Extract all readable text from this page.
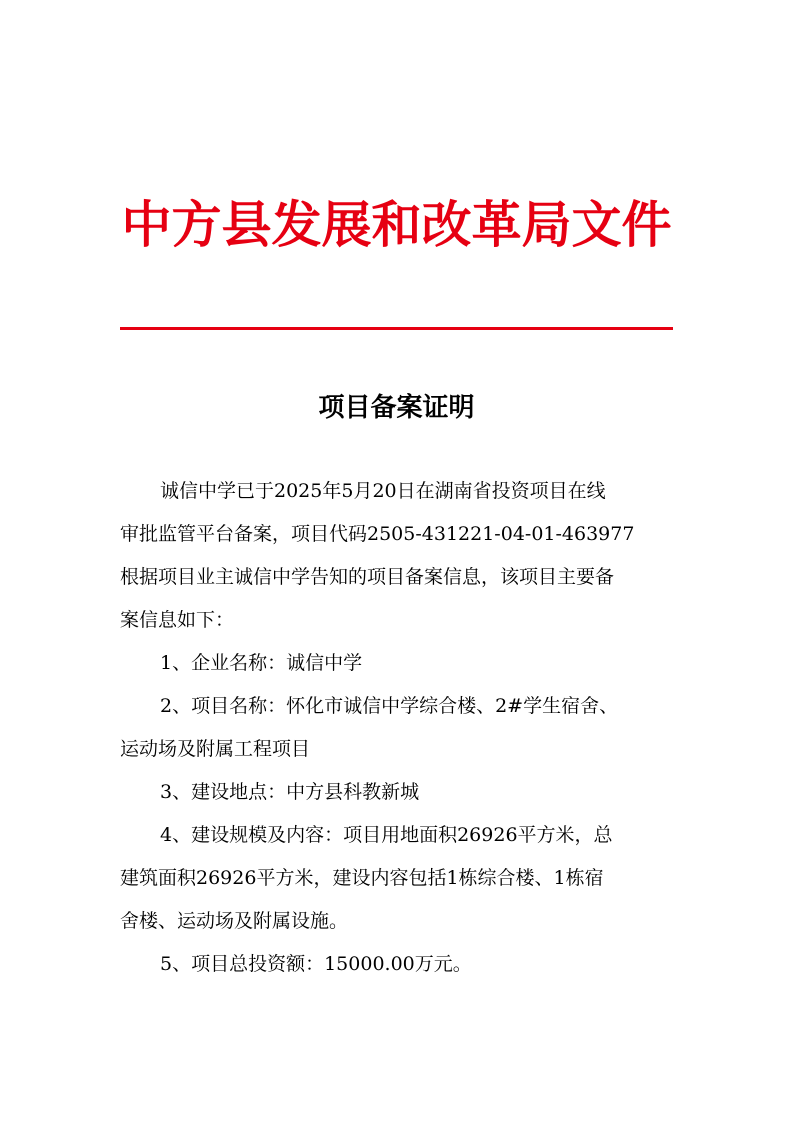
中方县发展和改革局文件
项目备案证明
诚信中学已于2025年5月20日在湖南省投资项目在线
审批监管平台备案，项目代码2505-431221-04-01-463977
根据项目业主诚信中学告知的项目备案信息，该项目主要备
案信息如下：
1、企业名称：诚信中学
2、项目名称：怀化市诚信中学综合楼、2#学生宿舍、
运动场及附属工程项目
3、建设地点：中方县科教新城
4、建设规模及内容：项目用地面积26926平方米，总
建筑面积26926平方米，建设内容包括1栋综合楼、1栋宿
舍楼、运动场及附属设施。
5、项目总投资额：15000.00万元。
